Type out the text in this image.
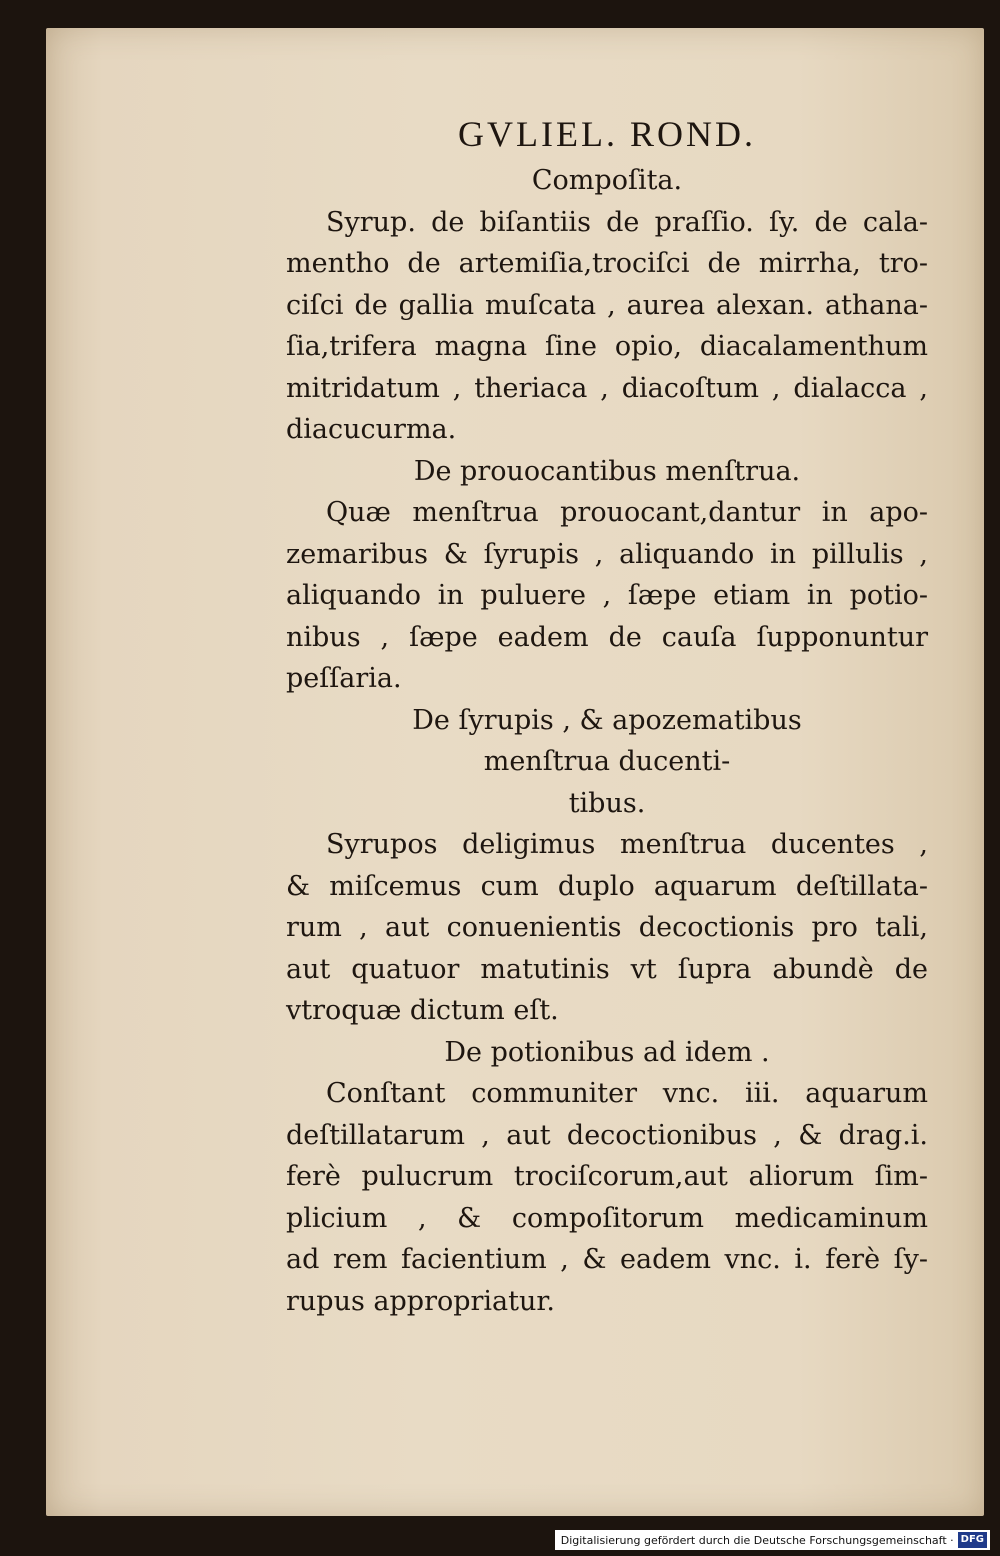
GVLIEL. ROND.
Compoſita.
Syrup. de biſantiis de praſſio. ſy. de cala-
mentho de artemiſia,trociſci de mirrha, tro-
ciſci de gallia muſcata , aurea alexan. athana-
ſia,trifera magna ſine opio, diacalamenthum
mitridatum , theriaca , diacoſtum , dialacca ,
diacucurma.
De prouocantibus menſtrua.
Quæ menſtrua prouocant,dantur in apo-
zemaribus & ſyrupis , aliquando in pillulis ,
aliquando in puluere , ſæpe etiam in potio-
nibus , ſæpe eadem de cauſa ſupponuntur
peſſaria.
De ſyrupis , & apozematibus
menſtrua ducenti-
tibus.
Syrupos deligimus menſtrua ducentes ,
& miſcemus cum duplo aquarum deſtillata-
rum , aut conuenientis decoctionis pro tali,
aut quatuor matutinis vt ſupra abundè de
vtroquæ dictum eſt.
De potionibus ad idem .
Conſtant communiter vnc. iii. aquarum
deſtillatarum , aut decoctionibus , & drag.i.
ferè pulucrum trociſcorum,aut aliorum ſim-
plicium , & compoſitorum medicaminum
ad rem facientium , & eadem vnc. i. ferè ſy-
rupus appropriatur.
Digitalisierung gefördert durch die Deutsche Forschungsgemeinschaft · DFG
